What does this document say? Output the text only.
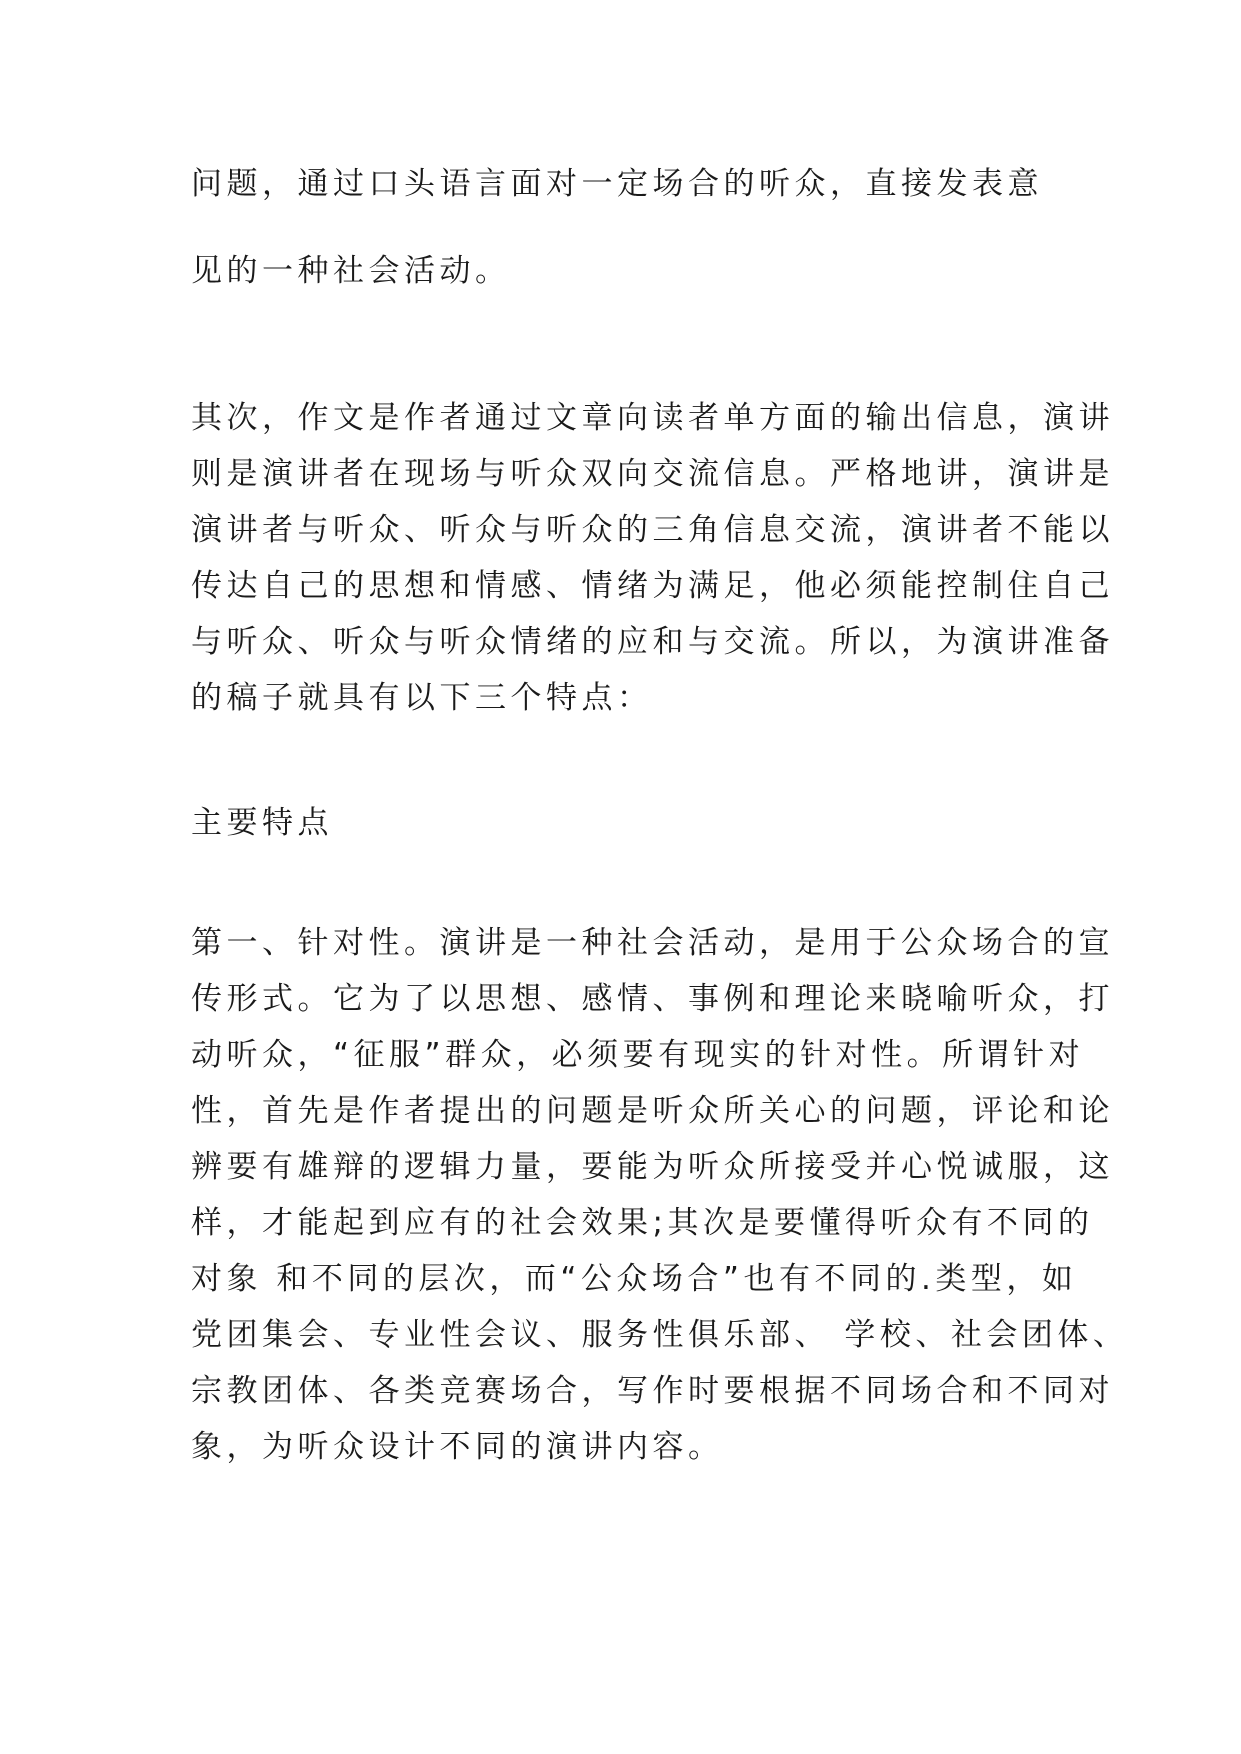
问题，通过口头语言面对一定场合的听众，直接发表意

见的一种社会活动。

其次，作文是作者通过文章向读者单方面的输出信息，演讲

则是演讲者在现场与听众双向交流信息。严格地讲，演讲是

演讲者与听众、听众与听众的三角信息交流，演讲者不能以

传达自己的思想和情感、情绪为满足，他必须能控制住自己

与听众、听众与听众情绪的应和与交流。所以，为演讲准备

的稿子就具有以下三个特点：

主要特点

第一、针对性。演讲是一种社会活动，是用于公众场合的宣

传形式。它为了以思想、感情、事例和理论来晓喻听众，打

动听众，“征服”群众，必须要有现实的针对性。所谓针对

性，首先是作者提出的问题是听众所关心的问题，评论和论

辨要有雄辩的逻辑力量，要能为听众所接受并心悦诚服，这

样，才能起到应有的社会效果;其次是要懂得听众有不同的

对象 和不同的层次，而“公众场合”也有不同的.类型，如

党团集会、专业性会议、服务性俱乐部、 学校、社会团体、

宗教团体、各类竞赛场合，写作时要根据不同场合和不同对

象，为听众设计不同的演讲内容。
